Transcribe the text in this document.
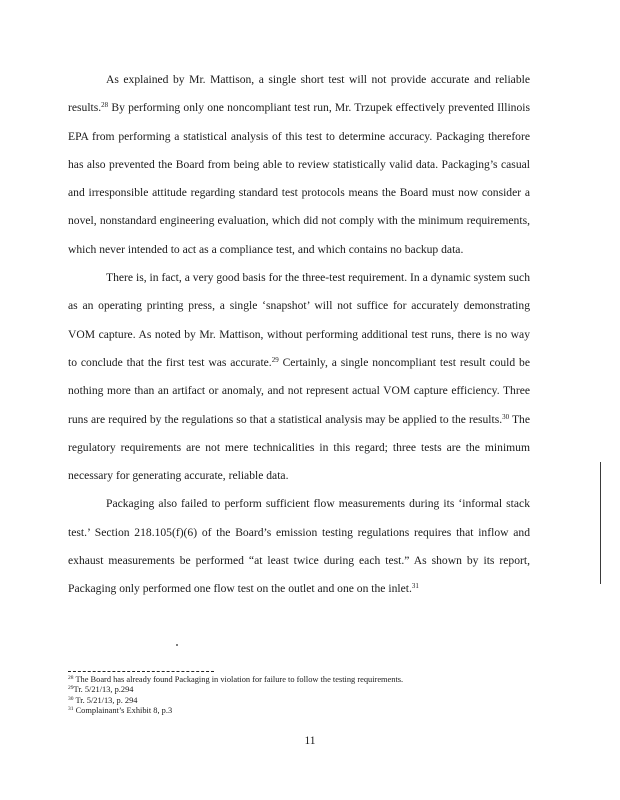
As explained by Mr. Mattison, a single short test will not provide accurate and reliable results.$^{28}$ By performing only one noncompliant test run, Mr. Trzupek effectively prevented Illinois EPA from performing a statistical analysis of this test to determine accuracy. Packaging therefore has also prevented the Board from being able to review statistically valid data. Packaging’s casual and irresponsible attitude regarding standard test protocols means the Board must now consider a novel, nonstandard engineering evaluation, which did not comply with the minimum requirements, which never intended to act as a compliance test, and which contains no backup data.

There is, in fact, a very good basis for the three-test requirement. In a dynamic system such as an operating printing press, a single ‘snapshot’ will not suffice for accurately demonstrating VOM capture. As noted by Mr. Mattison, without performing additional test runs, there is no way to conclude that the first test was accurate.$^{29}$ Certainly, a single noncompliant test result could be nothing more than an artifact or anomaly, and not represent actual VOM capture efficiency. Three runs are required by the regulations so that a statistical analysis may be applied to the results.$^{30}$ The regulatory requirements are not mere technicalities in this regard; three tests are the minimum necessary for generating accurate, reliable data.

Packaging also failed to perform sufficient flow measurements during its ‘informal stack test.’ Section 218.105(f)(6) of the Board’s emission testing regulations requires that inflow and exhaust measurements be performed “at least twice during each test.” As shown by its report, Packaging only performed one flow test on the outlet and one on the inlet.$^{31}$

$^{28}$ The Board has already found Packaging in violation for failure to follow the testing requirements.
$^{29}$Tr. 5/21/13, p.294
$^{30}$ Tr. 5/21/13, p. 294
$^{31}$ Complainant’s Exhibit 8, p.3
11
